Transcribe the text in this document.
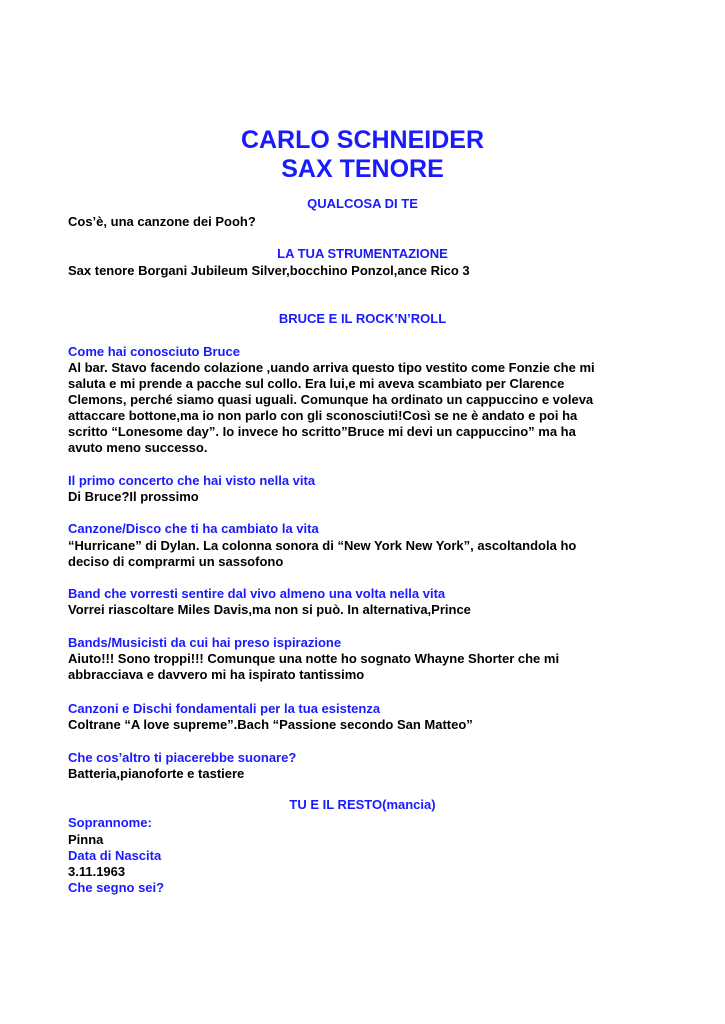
CARLO SCHNEIDER
SAX TENORE
QUALCOSA DI TE
Cos’è, una canzone dei Pooh?
LA TUA STRUMENTAZIONE
Sax tenore Borgani Jubileum Silver,bocchino Ponzol,ance Rico 3
BRUCE E IL ROCK’N’ROLL
Come hai conosciuto Bruce
Al bar. Stavo facendo colazione ,uando arriva questo tipo vestito come Fonzie che mi
saluta e mi prende a pacche sul collo. Era lui,e mi aveva scambiato per Clarence
Clemons, perché siamo quasi uguali. Comunque ha ordinato un cappuccino e voleva
attaccare bottone,ma io non parlo con gli sconosciuti!Così se ne è andato e poi ha
scritto “Lonesome day”. Io invece ho scritto”Bruce mi devi un cappuccino” ma ha
avuto meno successo.
Il primo concerto che hai visto nella vita
Di Bruce?Il prossimo
Canzone/Disco che ti ha cambiato la vita
“Hurricane” di Dylan. La colonna sonora di “New York New York”, ascoltandola ho
deciso di comprarmi un sassofono
Band che vorresti sentire dal vivo almeno una volta nella vita
Vorrei riascoltare Miles Davis,ma non si può. In alternativa,Prince
Bands/Musicisti da cui hai preso ispirazione
Aiuto!!! Sono troppi!!! Comunque una notte ho sognato Whayne Shorter che mi
abbracciava e davvero mi ha ispirato tantissimo
Canzoni e Dischi fondamentali per la tua esistenza
Coltrane “A love supreme”.Bach “Passione secondo San Matteo”
Che cos’altro ti piacerebbe suonare?
Batteria,pianoforte e tastiere
TU E IL RESTO(mancia)
Soprannome:
Pinna
Data di Nascita
3.11.1963
Che segno sei?
